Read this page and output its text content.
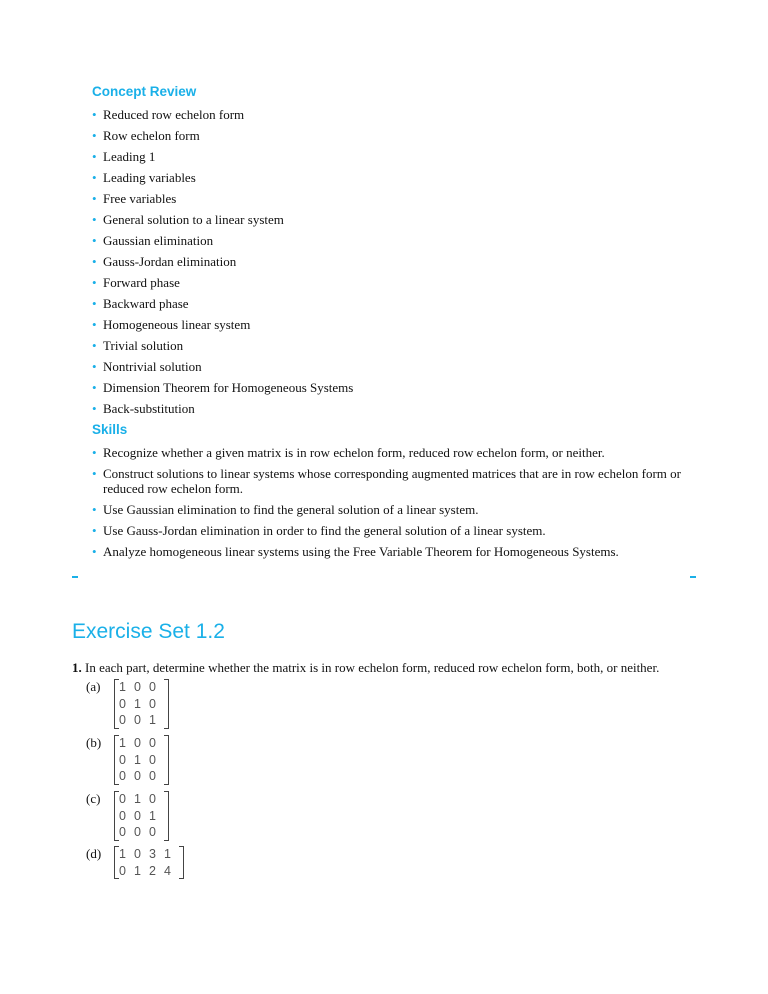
Concept Review
• Reduced row echelon form
• Row echelon form
• Leading 1
• Leading variables
• Free variables
• General solution to a linear system
• Gaussian elimination
• Gauss-Jordan elimination
• Forward phase
• Backward phase
• Homogeneous linear system
• Trivial solution
• Nontrivial solution
• Dimension Theorem for Homogeneous Systems
• Back-substitution
Skills
• Recognize whether a given matrix is in row echelon form, reduced row echelon form, or neither.
• Construct solutions to linear systems whose corresponding augmented matrices that are in row echelon form or reduced row echelon form.
• Use Gaussian elimination to find the general solution of a linear system.
• Use Gauss-Jordan elimination in order to find the general solution of a linear system.
• Analyze homogeneous linear systems using the Free Variable Theorem for Homogeneous Systems.
Exercise Set 1.2
1. In each part, determine whether the matrix is in row echelon form, reduced row echelon form, both, or neither.
(a)	1 0 0
0 1 0
0 0 1
(b)	1 0 0
0 1 0
0 0 0
(c)	0 1 0
0 0 1
0 0 0
(d)	1 0 3 1
0 1 2 4
